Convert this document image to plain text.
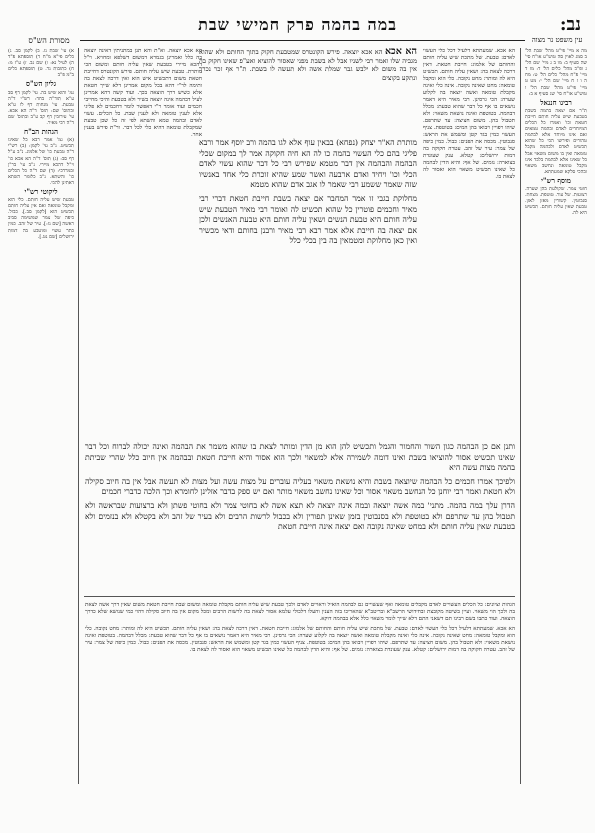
נב:
במה בהמה פרק חמישי שבת
עין משפט נר מצוה
מסורת הש"ס

מה א מיי' פי"ט מהל' שבת הל' ב סמג לאוין סה טוש"ע או"ח סי' שה סעיף ב: מו ב ג מיי' שם הל' ג ופ"כ מהל' כלים הל' ד: מז ד מיי' פ"ח מהל' כלים הל' ט: מח ה ו ז ח מיי' שם הל' י: מט ט מיי' פי"ט מהל' שבת הל' ו טוש"ע או"ח סי' שג סעיף א ב:

רבינו חננאל

ת"ר אם יצאה בהמה בשבת בטבעת שיש עליה חותם חייבת חטאת וכו' ואמרו כל הכלים המיוחדים לאדם ובהמה טמאים ואם אינו מיוחד אלא לבהמה טהורים ופירשו הכי כל שהוא תכשיט לאדם ולבהמה מקבל טומאה ואין בו משום משאוי אבל כל שאינו אלא לבהמה בלבד אינו מקבל טומאה ונחשב משאוי ובהכי סלקא שמעתתא.

מוסף רש"י

חוטי צמר. שקולעת בהן שערה. רצועות. של עור. טוטפת. מצחת. סנבוטין. קשורין מאזן לאזן. טבעת שאין עליה חותם. תכשיט היא לה.

א) עי' שבת נז. ב) לקמן סב. ג) כלים פי"א מ"ח ד) תוספתא פ"ד ה) לעיל נא: ו) שם נב. ז) ע"ז מ: ח) כתובות נד. ט) תוספתא כלים ב"מ פ"ב

גליון הש"ס

גמ' והוא שיש בה. עי' לקמן דף סב ע"א תוד"ה בחד: רש"י ד"ה טבעת. עי' מנחות דף לו ע"א ובתוס' שם: תוס' ד"ה הא אכא. עי' עירובין דף קב ע"ב ובתוס' שם ד"ה רבי מאיר.

הגהות הב"ח

(א) גמ' אמר רבא כל שאינו תכשיט. נ"ב עי' לקמן: (ב) רש"י ד"ה טבעת כו' של אלמוג. נ"ב ע"ל דף סב: (ג) תוס' ד"ה הא אכא כו' וי"ל דהכא מיירי. נ"ב עי' בר"ן ובמרדכי: (ד) שם ד"ה כל הכלים כו' והשתא. נ"ב כלומר השתא דאתינן להכי.

ליקוטי רש"י

טבעת שיש עליה חותם. כלי הוא ומקבל טומאה ואם אין עליה חותם תכשיט הוא [לקמן סב.]. כבול. כיפה של צמר שמשימה סביב ראשה [שם נז:]. עיר של זהב. כמין כתר עשוי ומוטבע בה דמות ירושלים [שם נט.].

הא אכא. שמעתתא דלעיל דכל כלי העשוי לאדם: טבעת. של מתכת שיש עליה חותם והחותם של אלמוג: חייבת חטאת. דאין דרכה לצאת בה: ושאין עליה חותם. תכשיט היא לה ומותר: מחט נקובה. כלי הוא ומקבל טומאה: מחט שאינה נקובה. אינה כלי ואינה מקבלת טומאה ואשה יוצאה בה לקלוע שערה: הכי גרסינן. רבי מאיר היא דאמר נושאים בו אף כל דבר שהוא טבעת: מכלל דבהמה. בטוטפת ואינה נושאת משאוי: ולא תטבול בהן. משום חציצה: עד שתרפם. שיהו רפויין ויבואו בהן המים: בטוטפת. צניף העשוי כמין בגד קטן ומשמש את הראש: סנבוטין. מכסה את הפנים: כבול. כמין כיפה של צמר: עיר של זהב. עטרה חקוקה בה דמות ירושלים: קטלא. ענק שעונדת בצוארה: נזמים. של אף: והיא הדין לבהמה כל שאינו תכשיט משאוי הוא ואסור לה לצאת בו.

הא אכא יוצאה. וא"ת והא תנן במתניתין דאינה יוצאה בה כלל ואמרינן בגמרא דמשום דשלפא ומחויא. וי"ל דהכא מיירי בטבעת שאין עליה חותם ומשום הכי מותרת. טבעת שיש עליה חותם. פירש הקונטרס דחייבת חטאת משום דתכשיט איש הוא ואין דרכה לצאת בה ותימה לר"י דהא בכל מקום אמרינן דלא שייך חטאת אלא כשיש דרך הוצאה בכך. ועוד קשה דהא אמרינן לעיל דבהמה אינה יוצאה בשיר ולא בטבעת והיכי מחייבי חכמים ועוד אומר ר"י דאפשר לומר דחכמים לא פליגי אלא לענין טומאה ולא לענין שבת. כל הכלים. עשוי לאדם ובהמה טמא והשתא לפי זה כל שכן טבעת שמקבלת טומאה דהיא כלי לכל דבר. ור"ת פירש בענין אחר.

הא אכא הא אכא יוצאה. פירש הקונטרס שמטבעת חקוק בתוך החותם ולא שהוא מגביה שלו ואמר רבי לשניו אבל לא בשבת מפני שאסור להוציא ואע"פ שאינו חקוק בה אין בה משום לא ילבש גבר שמלת אשה ולא תעשה לו בשבת. ת"ר אף זכר נכרך ונתקע בקוצים

מותרת הא"ר יצחק (נפחא) בבאין עוף אלא לגו בהמה ורב יוסף אמר ורבא פליגי בהם כלי העשוי בהמה כו לה הא חיה חקוקה אמר לך במקום שכלי הבהמה והבהמה אין דבר מטמא שפירש רבי כל דבר שהוא עשוי לאדם הכלי וכו' ויחיד ואדם ארבעה ואשר שמע שהיא זוכרת כלי אחד באנשיו שזה שאמר ששמע רבי שאמר לו אגב אדם שהוא מטמא

מחלוקת בגבי זו אמר המחבר אם יצאה בשבת חייבת חטאת דברי רבי מאיר וחכמים פוטרין כל שהוא תכשיט לה ואומר רבי מאיר הטבעת שיש עליה חותם היא טבעת הנשים ושאין עליה חותם היא טבעת האנשים ולכן אם יצאה בה חייבת אלא אמר רבא רבי מאיר ורבנן בחותם ודאי מכשיר ואין כאן מחלוקת ומטמאין בה בין בכלי כלל

ותנן אם כן הבהמה כגון השור והחמור והגמל ותכשיט להן הוא מן הדין ומותר לצאת בו שהוא משמר את הבהמה ואינה יכולה לברוח וכל דבר שאינו תכשיט אסור להוציאו בשבת ואינו דומה לשמירה אלא למשאוי ולכך הוא אסור והיא חייבת חטאת ובבהמה אין חיוב כלל שהרי שביתת בהמה מצות עשה היא

ולפיכך אמרו חכמים כל הבהמה שיוצאה בשבת והיא נושאת משאוי בעליה עוברים על מצות עשה ועל מצות לא תעשה אבל אין בה חיוב סקילה ולא חטאת ואמר רבי יוחנן כל הנחשב משאוי אסור וכל שאינו נחשב משאוי מותר ואם יש ספק בדבר אזלינן לחומרא וכך הלכה כדברי חכמים

הדרן עלך במה בהמה. מתני' במה אשה יוצאה ובמה אינה יוצאה לא תצא אשה לא בחוטי צמר ולא בחוטי פשתן ולא ברצועות שבראשה ולא תטבול בהן עד שתרפם ולא בטוטפת ולא בסנבוטין בזמן שאינן תפורין ולא בכבול לרשות הרבים ולא בעיר של זהב ולא בקטלא ולא בנזמים ולא בטבעת שאין עליה חותם ולא במחט שאינה נקובה ואם יצאה אינה חייבת חטאת

הגהות וציונים: כל הכלים העשויים לאדם מקבלים טומאה ואף שעשויים גם לבהמה הואיל וראויים לאדם ולכך טבעת שיש עליה חותם מקבלת טומאה ומשום שבת חייבת חטאת משום שאין דרך אשה לצאת בה ולכך הוי משאוי. ועיין בשיטה מקובצת ובחידושי הרשב"א ובריטב"א שהאריכו בזה הענין והעלו דלכולי עלמא אסור לצאת בה לרשות הרבים ומכל מקום אין בה חיוב סקילה דהוי כמי שנושא שלא כדרך הוצאה. ועוד כתבו בשם רבינו תם דשאני התם דלא שייך לומר משאוי כלל אלא בבהמה דוקא.

הא אכא. שמעתתא דלעיל דכל כלי העשוי לאדם: טבעת. של מתכת שיש עליה חותם והחותם של אלמוג: חייבת חטאת. דאין דרכה לצאת בה: ושאין עליה חותם. תכשיט היא לה ומותר: מחט נקובה. כלי הוא ומקבל טומאה: מחט שאינה נקובה. אינה כלי ואינה מקבלת טומאה ואשה יוצאה בה לקלוע שערה: הכי גרסינן. רבי מאיר היא דאמר נושאים בו אף כל דבר שהוא טבעת: מכלל דבהמה. בטוטפת ואינה נושאת משאוי: ולא תטבול בהן. משום חציצה: עד שתרפם. שיהו רפויין ויבואו בהן המים: בטוטפת. צניף העשוי כמין בגד קטן ומשמש את הראש: סנבוטין. מכסה את הפנים: כבול. כמין כיפה של צמר: עיר של זהב. עטרה חקוקה בה דמות ירושלים: קטלא. ענק שעונדת בצוארה: נזמים. של אף: והיא הדין לבהמה כל שאינו תכשיט משאוי הוא ואסור לה לצאת בו.
